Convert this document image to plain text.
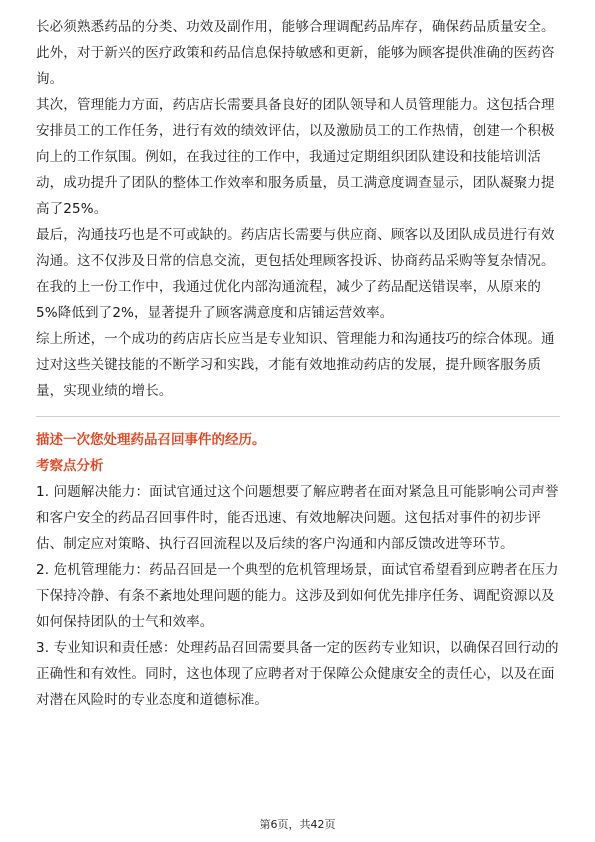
长必须熟悉药品的分类、功效及副作用，能够合理调配药品库存，确保药品质量安全。此外，对于新兴的医疗政策和药品信息保持敏感和更新，能够为顾客提供准确的医药咨询。

其次，管理能力方面，药店店长需要具备良好的团队领导和人员管理能力。这包括合理安排员工的工作任务，进行有效的绩效评估，以及激励员工的工作热情，创建一个积极向上的工作氛围。例如，在我过往的工作中，我通过定期组织团队建设和技能培训活动，成功提升了团队的整体工作效率和服务质量，员工满意度调查显示，团队凝聚力提高了25%。

最后，沟通技巧也是不可或缺的。药店店长需要与供应商、顾客以及团队成员进行有效沟通。这不仅涉及日常的信息交流，更包括处理顾客投诉、协商药品采购等复杂情况。在我的上一份工作中，我通过优化内部沟通流程，减少了药品配送错误率，从原来的5%降低到了2%，显著提升了顾客满意度和店铺运营效率。

综上所述，一个成功的药店店长应当是专业知识、管理能力和沟通技巧的综合体现。通过对这些关键技能的不断学习和实践，才能有效地推动药店的发展，提升顾客服务质量，实现业绩的增长。

描述一次您处理药品召回事件的经历。

考察点分析

1. 问题解决能力：面试官通过这个问题想要了解应聘者在面对紧急且可能影响公司声誉和客户安全的药品召回事件时，能否迅速、有效地解决问题。这包括对事件的初步评估、制定应对策略、执行召回流程以及后续的客户沟通和内部反馈改进等环节。

2. 危机管理能力：药品召回是一个典型的危机管理场景，面试官希望看到应聘者在压力下保持冷静、有条不紊地处理问题的能力。这涉及到如何优先排序任务、调配资源以及如何保持团队的士气和效率。

3. 专业知识和责任感：处理药品召回需要具备一定的医药专业知识，以确保召回行动的正确性和有效性。同时，这也体现了应聘者对于保障公众健康安全的责任心，以及在面对潜在风险时的专业态度和道德标准。

第6页，共42页
